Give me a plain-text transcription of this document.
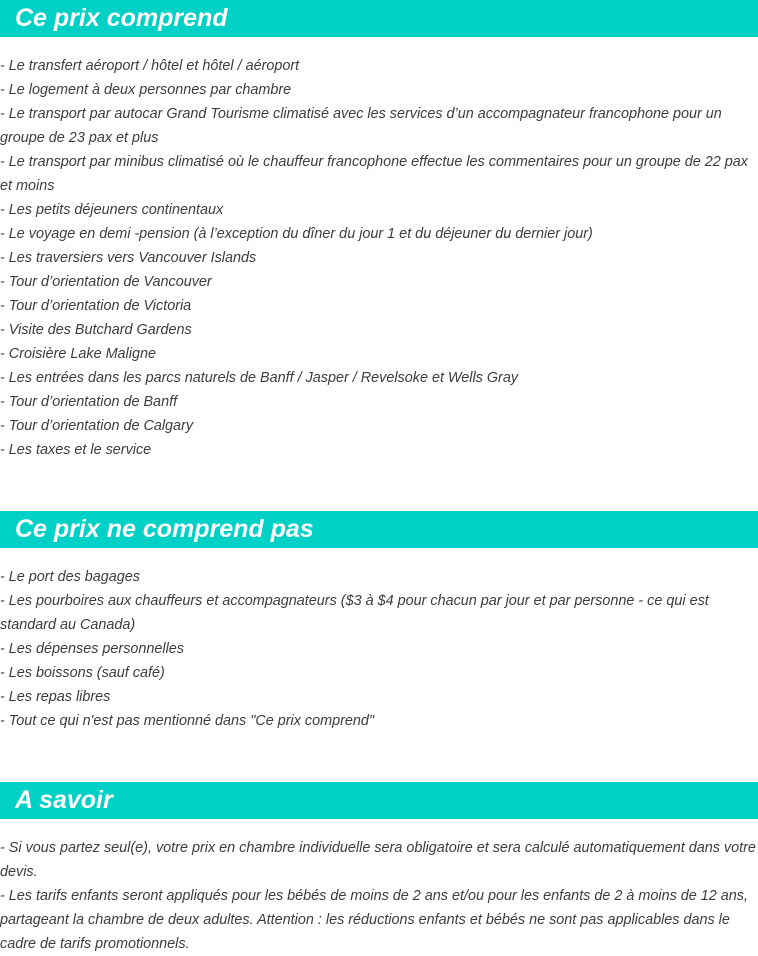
Ce prix comprend
- Le transfert aéroport / hôtel et hôtel / aéroport
- Le logement à deux personnes par chambre
- Le transport par autocar Grand Tourisme climatisé avec les services d’un accompagnateur francophone pour un groupe de 23 pax et plus
- Le transport par minibus climatisé où le chauffeur francophone effectue les commentaires pour un groupe de 22 pax et moins
- Les petits déjeuners continentaux
- Le voyage en demi -pension (à l’exception du dîner du jour 1 et du déjeuner du dernier jour)
- Les traversiers vers Vancouver Islands
- Tour d’orientation de Vancouver
- Tour d’orientation de Victoria
- Visite des Butchard Gardens
- Croisière Lake Maligne
- Les entrées dans les parcs naturels de Banff / Jasper / Revelsoke et Wells Gray
- Tour d’orientation de Banff
- Tour d’orientation de Calgary
- Les taxes et le service
Ce prix ne comprend pas
- Le port des bagages
- Les pourboires aux chauffeurs et accompagnateurs ($3 à $4 pour chacun par jour et par personne - ce qui est standard au Canada)
- Les dépenses personnelles
- Les boissons (sauf café)
- Les repas libres
- Tout ce qui n'est pas mentionné dans "Ce prix comprend"
A savoir
- Si vous partez seul(e), votre prix en chambre individuelle sera obligatoire et sera calculé automatiquement dans votre devis.
- Les tarifs enfants seront appliqués pour les bébés de moins de 2 ans et/ou pour les enfants de 2 à moins de 12 ans, partageant la chambre de deux adultes. Attention : les réductions enfants et bébés ne sont pas applicables dans le cadre de tarifs promotionnels.
